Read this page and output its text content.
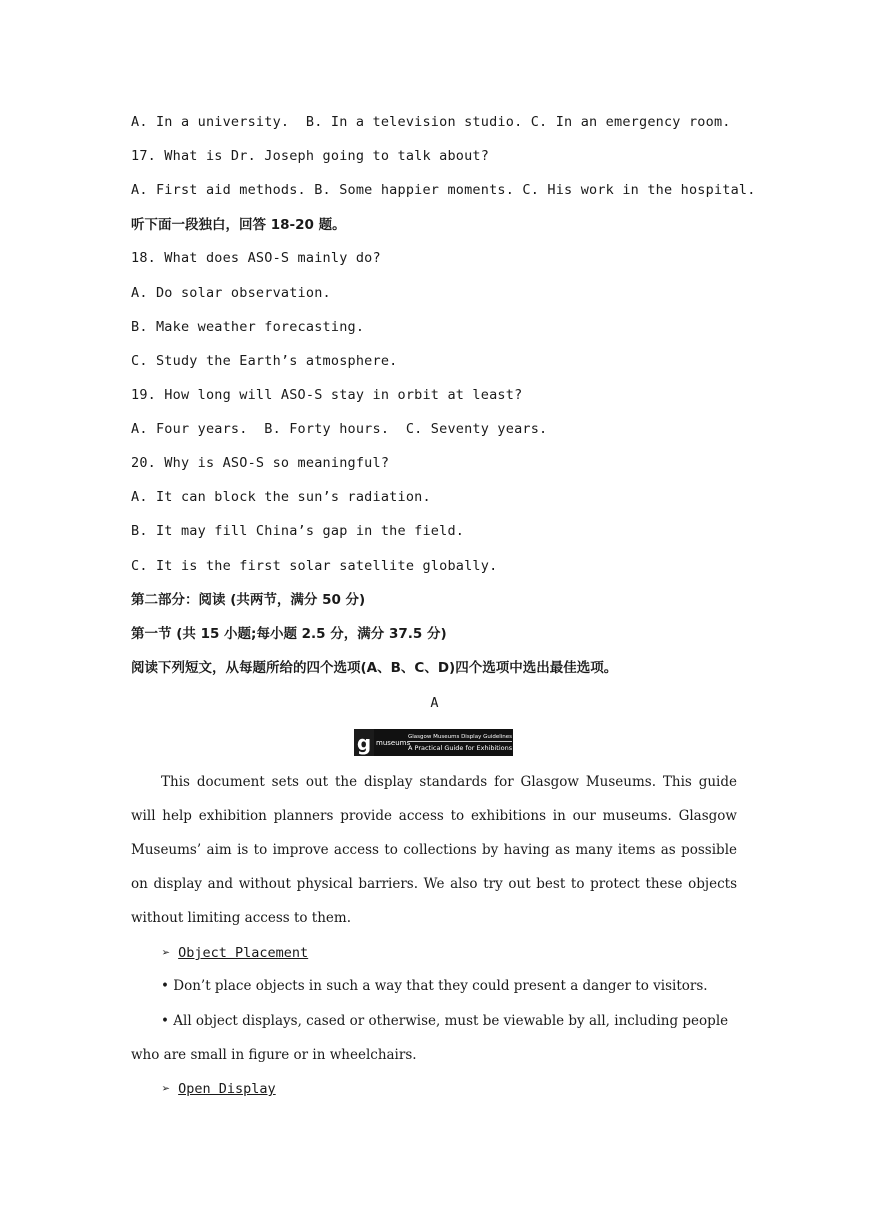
A. In a university.  B. In a television studio. C. In an emergency room.
17. What is Dr. Joseph going to talk about?
A. First aid methods. B. Some happier moments. C. His work in the hospital.
听下面一段独白，回答 18-20 题。
18. What does ASO-S mainly do?
A. Do solar observation.
B. Make weather forecasting.
C. Study the Earth’s atmosphere.
19. How long will ASO-S stay in orbit at least?
A. Four years.  B. Forty hours.  C. Seventy years.
20. Why is ASO-S so meaningful?
A. It can block the sun’s radiation.
B. It may fill China’s gap in the field.
C. It is the first solar satellite globally.
第二部分：阅读 (共两节，满分 50 分)
第一节 (共 15 小题;每小题 2.5 分，满分 37.5 分)
阅读下列短文，从每题所给的四个选项(A、B、C、D)四个选项中选出最佳选项。
A
g museums
Glasgow Museums Display Guidelines
A Practical Guide for Exhibitions
This document sets out the display standards for Glasgow Museums. This guide will help exhibition planners provide access to exhibitions in our museums. Glasgow Museums’ aim is to improve access to collections by having as many items as possible on display and without physical barriers. We also try out best to protect these objects without limiting access to them.
➢ Object Placement
• Don’t place objects in such a way that they could present a danger to visitors.
• All object displays, cased or otherwise, must be viewable by all, including people who are small in figure or in wheelchairs.
➢ Open Display
